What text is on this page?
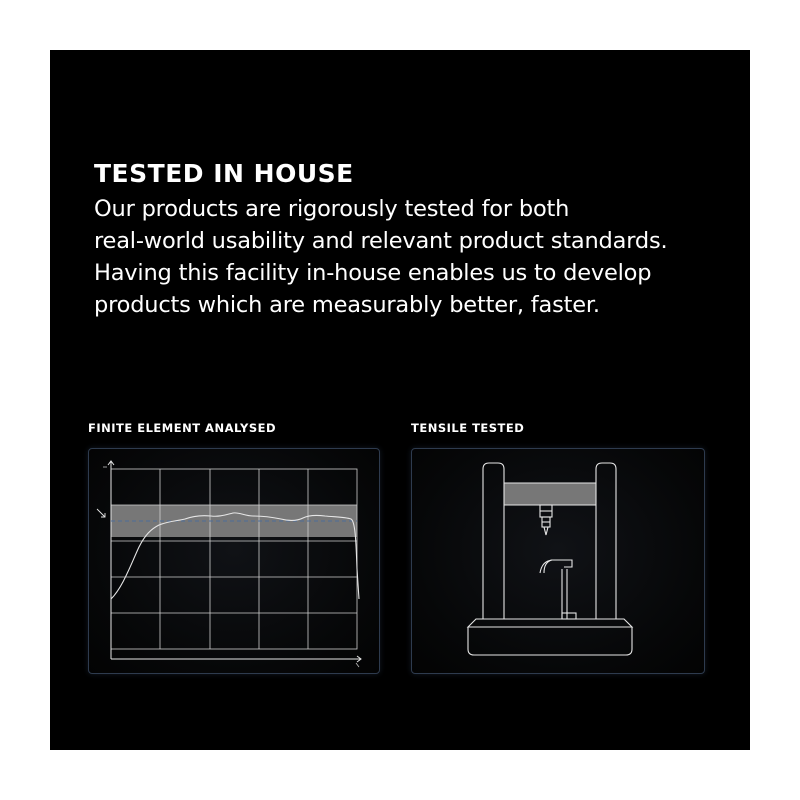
TESTED IN HOUSE
Our products are rigorously tested for both
real-world usability and relevant product standards.
Having this facility in-house enables us to develop
products which are measurably better, faster.
FINITE ELEMENT ANALYSED	TENSILE TESTED
